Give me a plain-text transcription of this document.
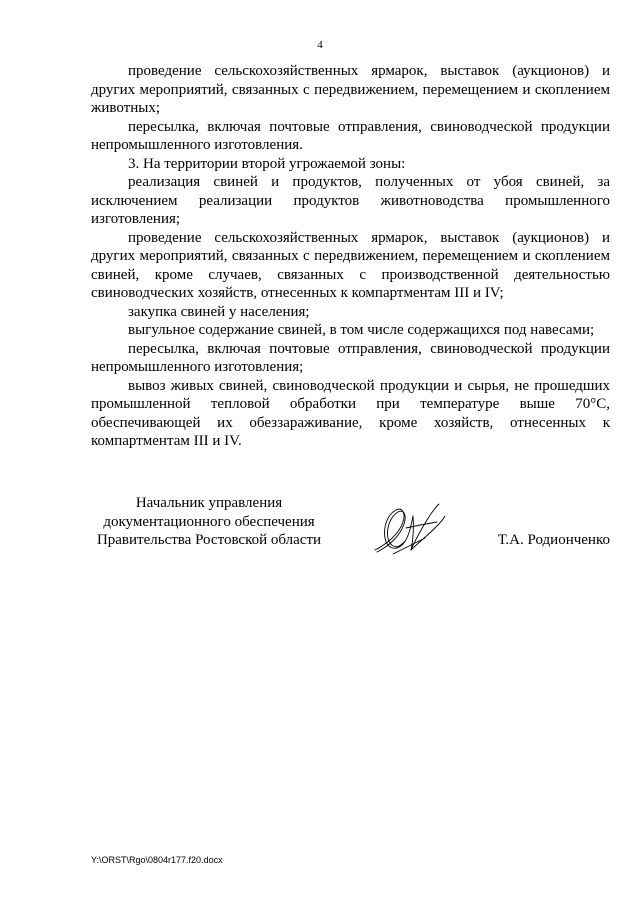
4

проведение сельскохозяйственных ярмарок, выставок (аукционов) и других мероприятий, связанных с передвижением, перемещением и скоплением животных;

пересылка, включая почтовые отправления, свиноводческой продукции непромышленного изготовления.

3. На территории второй угрожаемой зоны:

реализация свиней и продуктов, полученных от убоя свиней, за исключением реализации продуктов животноводства промышленного изготовления;

проведение сельскохозяйственных ярмарок, выставок (аукционов) и других мероприятий, связанных с передвижением, перемещением и скоплением свиней, кроме случаев, связанных с производственной деятельностью свиноводческих хозяйств, отнесенных к компартментам III и IV;

закупка свиней у населения;

выгульное содержание свиней, в том числе содержащихся под навесами;

пересылка, включая почтовые отправления, свиноводческой продукции непромышленного изготовления;

вывоз живых свиней, свиноводческой продукции и сырья, не прошедших промышленной тепловой обработки при температуре выше 70°С, обеспечивающей их обеззараживание, кроме хозяйств, отнесенных к компартментам III и IV.

Начальник управления
документационного обеспечения
Правительства Ростовской области	Т.А. Родионченко

Y:\ORST\Rgo\0804r177.f20.docx
